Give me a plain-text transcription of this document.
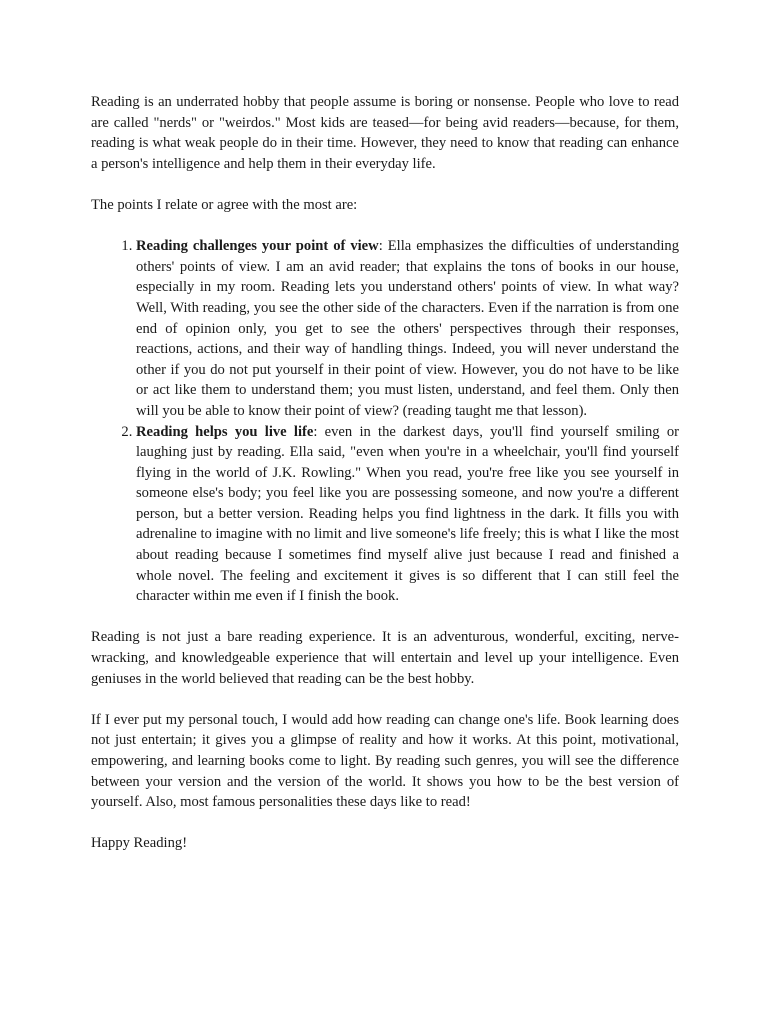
Reading is an underrated hobby that people assume is boring or nonsense. People who love to read are called "nerds" or "weirdos." Most kids are teased—for being avid readers—because, for them, reading is what weak people do in their time. However, they need to know that reading can enhance a person's intelligence and help them in their everyday life.

The points I relate or agree with the most are:

1. Reading challenges your point of view: Ella emphasizes the difficulties of understanding others' points of view. I am an avid reader; that explains the tons of books in our house, especially in my room. Reading lets you understand others' points of view. In what way? Well, With reading, you see the other side of the characters. Even if the narration is from one end of opinion only, you get to see the others' perspectives through their responses, reactions, actions, and their way of handling things. Indeed, you will never understand the other if you do not put yourself in their point of view. However, you do not have to be like or act like them to understand them; you must listen, understand, and feel them. Only then will you be able to know their point of view? (reading taught me that lesson).
2. Reading helps you live life: even in the darkest days, you'll find yourself smiling or laughing just by reading. Ella said, "even when you're in a wheelchair, you'll find yourself flying in the world of J.K. Rowling." When you read, you're free like you see yourself in someone else's body; you feel like you are possessing someone, and now you're a different person, but a better version. Reading helps you find lightness in the dark. It fills you with adrenaline to imagine with no limit and live someone's life freely; this is what I like the most about reading because I sometimes find myself alive just because I read and finished a whole novel. The feeling and excitement it gives is so different that I can still feel the character within me even if I finish the book.

Reading is not just a bare reading experience. It is an adventurous, wonderful, exciting, nerve-wracking, and knowledgeable experience that will entertain and level up your intelligence. Even geniuses in the world believed that reading can be the best hobby.

If I ever put my personal touch, I would add how reading can change one's life. Book learning does not just entertain; it gives you a glimpse of reality and how it works. At this point, motivational, empowering, and learning books come to light. By reading such genres, you will see the difference between your version and the version of the world. It shows you how to be the best version of yourself. Also, most famous personalities these days like to read!

Happy Reading!
